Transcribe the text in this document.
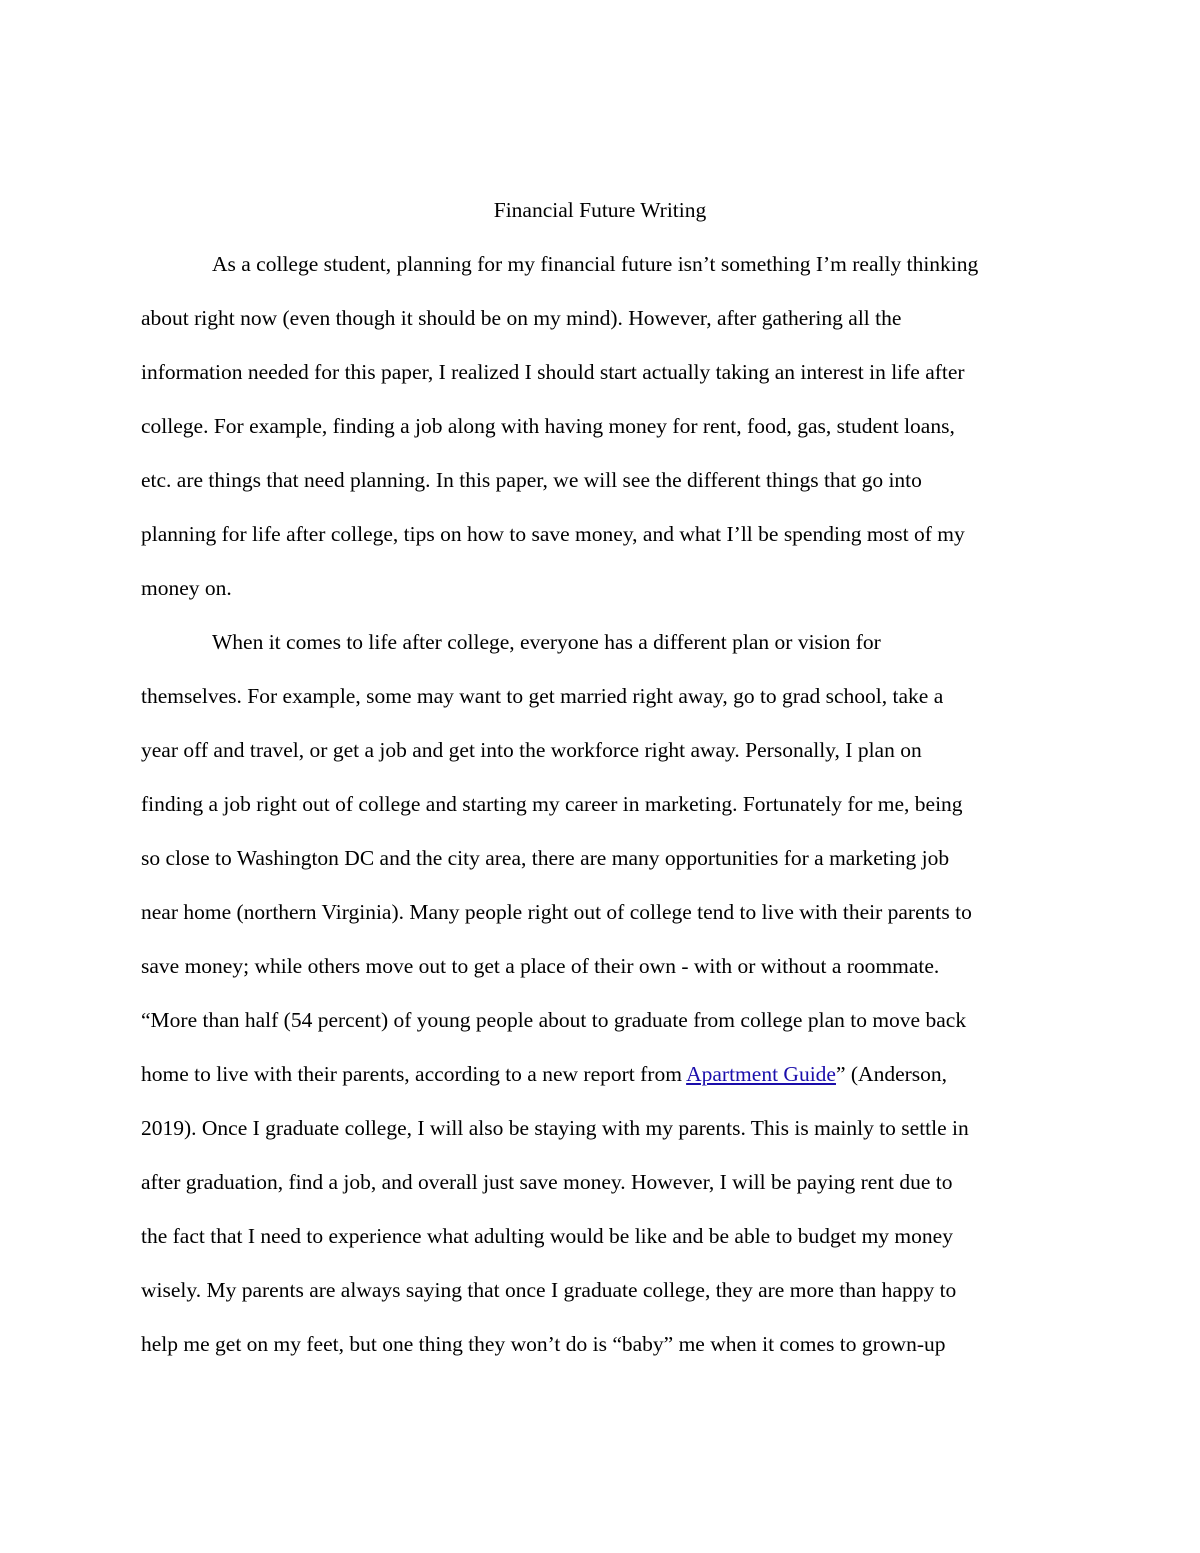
Financial Future Writing

As a college student, planning for my financial future isn’t something I’m really thinking

about right now (even though it should be on my mind). However, after gathering all the

information needed for this paper, I realized I should start actually taking an interest in life after

college. For example, finding a job along with having money for rent, food, gas, student loans,

etc. are things that need planning. In this paper, we will see the different things that go into

planning for life after college, tips on how to save money, and what I’ll be spending most of my

money on.

When it comes to life after college, everyone has a different plan or vision for

themselves. For example, some may want to get married right away, go to grad school, take a

year off and travel, or get a job and get into the workforce right away. Personally, I plan on

finding a job right out of college and starting my career in marketing. Fortunately for me, being

so close to Washington DC and the city area, there are many opportunities for a marketing job

near home (northern Virginia). Many people right out of college tend to live with their parents to

save money; while others move out to get a place of their own - with or without a roommate.

“More than half (54 percent) of young people about to graduate from college plan to move back

home to live with their parents, according to a new report from Apartment Guide” (Anderson,

2019). Once I graduate college, I will also be staying with my parents. This is mainly to settle in

after graduation, find a job, and overall just save money. However, I will be paying rent due to

the fact that I need to experience what adulting would be like and be able to budget my money

wisely. My parents are always saying that once I graduate college, they are more than happy to

help me get on my feet, but one thing they won’t do is “baby” me when it comes to grown-up
